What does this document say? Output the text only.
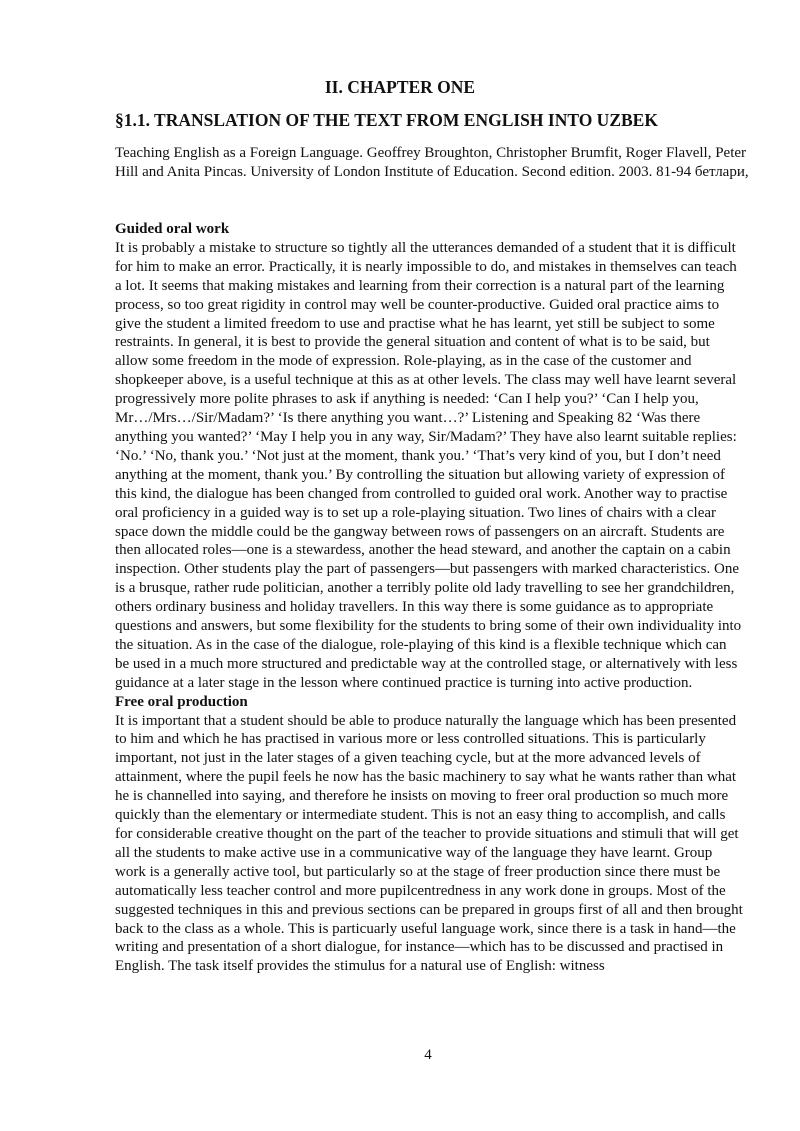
II. CHAPTER ONE
§1.1. TRANSLATION OF THE TEXT FROM ENGLISH INTO UZBEK
Teaching English as a Foreign Language. Geoffrey Broughton, Christopher Brumfit, Roger Flavell, Peter Hill and Anita Pincas. University of London Institute of Education. Second edition. 2003. 81-94 бетлари,

Guided oral work

It is probably a mistake to structure so tightly all the utterances demanded of a student that it is difficult for him to make an error. Practically, it is nearly impossible to do, and mistakes in themselves can teach a lot. It seems that making mistakes and learning from their correction is a natural part of the learning process, so too great rigidity in control may well be counter-productive. Guided oral practice aims to give the student a limited freedom to use and practise what he has learnt, yet still be subject to some restraints. In general, it is best to provide the general situation and content of what is to be said, but allow some freedom in the mode of expression. Role-playing, as in the case of the customer and shopkeeper above, is a useful technique at this as at other levels. The class may well have learnt several progressively more polite phrases to ask if anything is needed: ‘Can I help you?’ ‘Can I help you, Mr…/Mrs…/Sir/Madam?’ ‘Is there anything you want…?’ Listening and Speaking 82 ‘Was there anything you wanted?’ ‘May I help you in any way, Sir/Madam?’ They have also learnt suitable replies: ‘No.’ ‘No, thank you.’ ‘Not just at the moment, thank you.’ ‘That’s very kind of you, but I don’t need anything at the moment, thank you.’ By controlling the situation but allowing variety of expression of this kind, the dialogue has been changed from controlled to guided oral work. Another way to practise oral proficiency in a guided way is to set up a role-playing situation. Two lines of chairs with a clear space down the middle could be the gangway between rows of passengers on an aircraft. Students are then allocated roles—one is a stewardess, another the head steward, and another the captain on a cabin inspection. Other students play the part of passengers—but passengers with marked characteristics. One is a brusque, rather rude politician, another a terribly polite old lady travelling to see her grandchildren, others ordinary business and holiday travellers. In this way there is some guidance as to appropriate questions and answers, but some flexibility for the students to bring some of their own individuality into the situation. As in the case of the dialogue, role-playing of this kind is a flexible technique which can be used in a much more structured and predictable way at the controlled stage, or alternatively with less guidance at a later stage in the lesson where continued practice is turning into active production.

Free oral production

It is important that a student should be able to produce naturally the language which has been presented to him and which he has practised in various more or less controlled situations. This is particularly important, not just in the later stages of a given teaching cycle, but at the more advanced levels of attainment, where the pupil feels he now has the basic machinery to say what he wants rather than what he is channelled into saying, and therefore he insists on moving to freer oral production so much more quickly than the elementary or intermediate student. This is not an easy thing to accomplish, and calls for considerable creative thought on the part of the teacher to provide situations and stimuli that will get all the students to make active use in a communicative way of the language they have learnt. Group work is a generally active tool, but particularly so at the stage of freer production since there must be automatically less teacher control and more pupilcentredness in any work done in groups. Most of the suggested techniques in this and previous sections can be prepared in groups first of all and then brought back to the class as a whole. This is particuarly useful language work, since there is a task in hand—the writing and presentation of a short dialogue, for instance—which has to be discussed and practised in English. The task itself provides the stimulus for a natural use of English: witness

4
